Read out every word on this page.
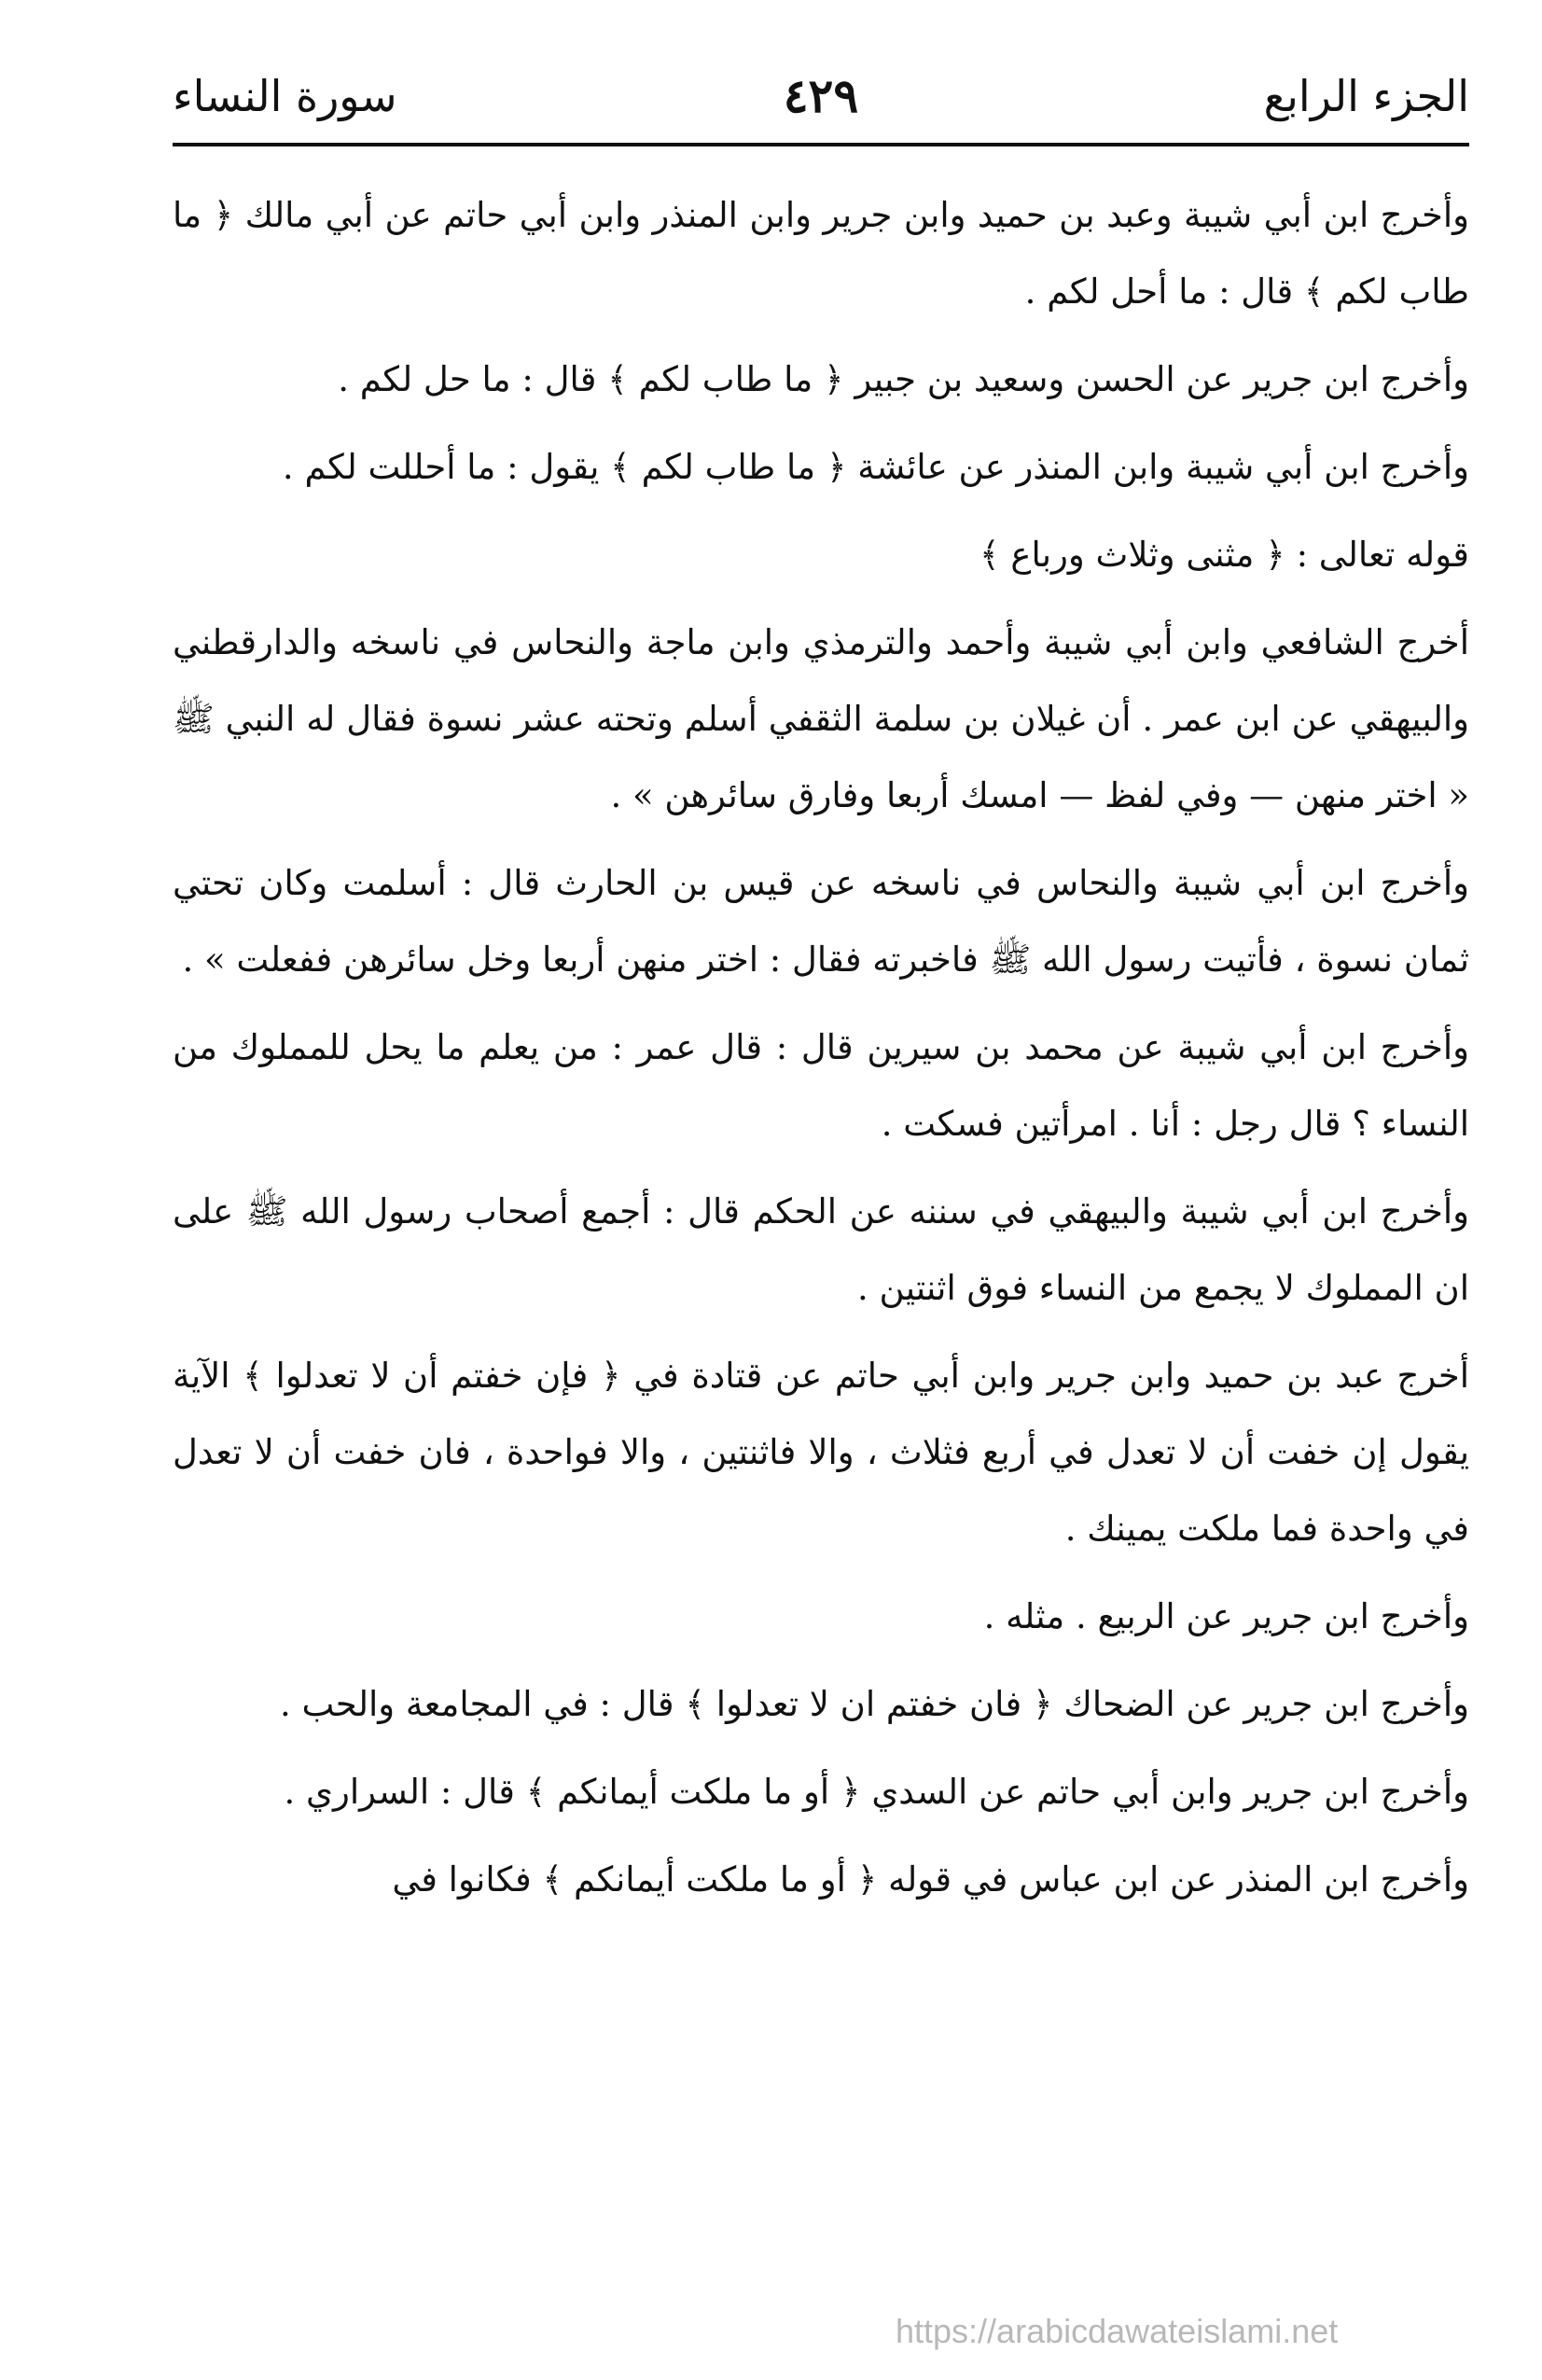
الجزء الرابع
٤٢٩
سورة النساء

وأخرج ابن أبي شيبة وعبد بن حميد وابن جرير وابن المنذر وابن أبي حاتم عن أبي مالك ﴿ ما طاب لكم ﴾ قال : ما أحل لكم .

وأخرج ابن جرير عن الحسن وسعيد بن جبير ﴿ ما طاب لكم ﴾ قال : ما حل لكم .

وأخرج ابن أبي شيبة وابن المنذر عن عائشة ﴿ ما طاب لكم ﴾ يقول : ما أحللت لكم .

قوله تعالى : ﴿ مثنى وثلاث ورباع ﴾

أخرج الشافعي وابن أبي شيبة وأحمد والترمذي وابن ماجة والنحاس في ناسخه والدارقطني والبيهقي عن ابن عمر . أن غيلان بن سلمة الثقفي أسلم وتحته عشر نسوة فقال له النبي ﷺ « اختر منهن — وفي لفظ — امسك أربعا وفارق سائرهن » .

وأخرج ابن أبي شيبة والنحاس في ناسخه عن قيس بن الحارث قال : أسلمت وكان تحتي ثمان نسوة ، فأتيت رسول الله ﷺ فاخبرته فقال : اختر منهن أربعا وخل سائرهن ففعلت » .

وأخرج ابن أبي شيبة عن محمد بن سيرين قال : قال عمر : من يعلم ما يحل للمملوك من النساء ؟ قال رجل : أنا . امرأتين فسكت .

وأخرج ابن أبي شيبة والبيهقي في سننه عن الحكم قال : أجمع أصحاب رسول الله ﷺ على ان المملوك لا يجمع من النساء فوق اثنتين .

أخرج عبد بن حميد وابن جرير وابن أبي حاتم عن قتادة في ﴿ فإن خفتم أن لا تعدلوا ﴾ الآية يقول إن خفت أن لا تعدل في أربع فثلاث ، والا فاثنتين ، والا فواحدة ، فان خفت أن لا تعدل في واحدة فما ملكت يمينك .

وأخرج ابن جرير عن الربيع . مثله .

وأخرج ابن جرير عن الضحاك ﴿ فان خفتم ان لا تعدلوا ﴾ قال : في المجامعة والحب .

وأخرج ابن جرير وابن أبي حاتم عن السدي ﴿ أو ما ملكت أيمانكم ﴾ قال : السراري .

وأخرج ابن المنذر عن ابن عباس في قوله ﴿ أو ما ملكت أيمانكم ﴾ فكانوا في

https://arabicdawateislami.net
